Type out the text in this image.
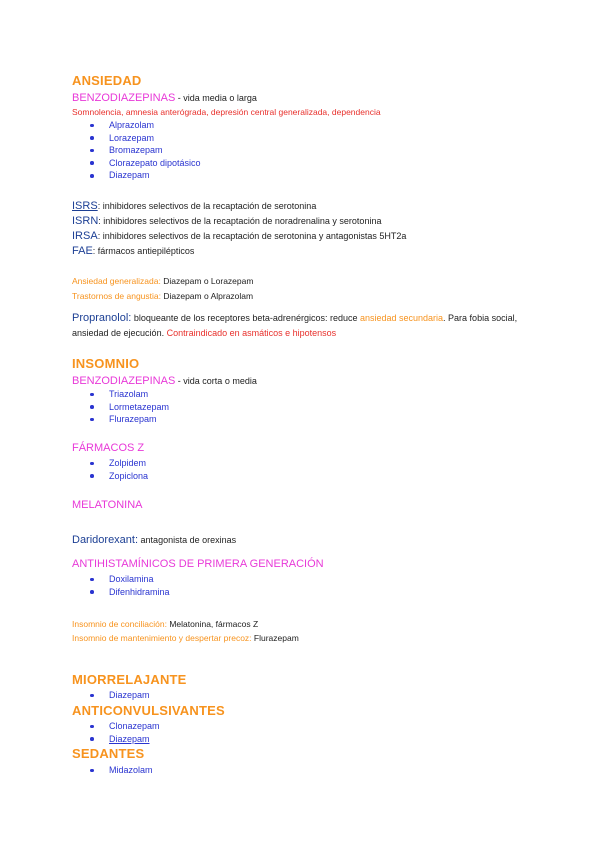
ANSIEDAD
BENZODIAZEPINAS - vida media o larga
Somnolencia, amnesia anterógrada, depresión central generalizada, dependencia
Alprazolam
Lorazepam
Bromazepam
Clorazepato dipotásico
Diazepam
ISRS: inhibidores selectivos de la recaptación de serotonina
ISRN: inhibidores selectivos de la recaptación de noradrenalina y serotonina
IRSA: inhibidores selectivos de la recaptación de serotonina y antagonistas 5HT2a
FAE: fármacos antiepilépticos
Ansiedad generalizada: Diazepam o Lorazepam
Trastornos de angustia: Diazepam o Alprazolam
Propranolol: bloqueante de los receptores beta-adrenérgicos: reduce ansiedad secundaria. Para fobia social, ansiedad de ejecución. Contraindicado en asmáticos e hipotensos
INSOMNIO
BENZODIAZEPINAS - vida corta o media
Triazolam
Lormetazepam
Flurazepam
FÁRMACOS Z
Zolpidem
Zopiclona
MELATONINA
Daridorexant: antagonista de orexinas
ANTIHISTAMÍNICOS DE PRIMERA GENERACIÓN
Doxilamina
Difenhidramina
Insomnio de conciliación: Melatonina, fármacos Z
Insomnio de mantenimiento y despertar precoz: Flurazepam
MIORRELAJANTE
Diazepam
ANTICONVULSIVANTES
Clonazepam
Diazepam
SEDANTES
Midazolam
